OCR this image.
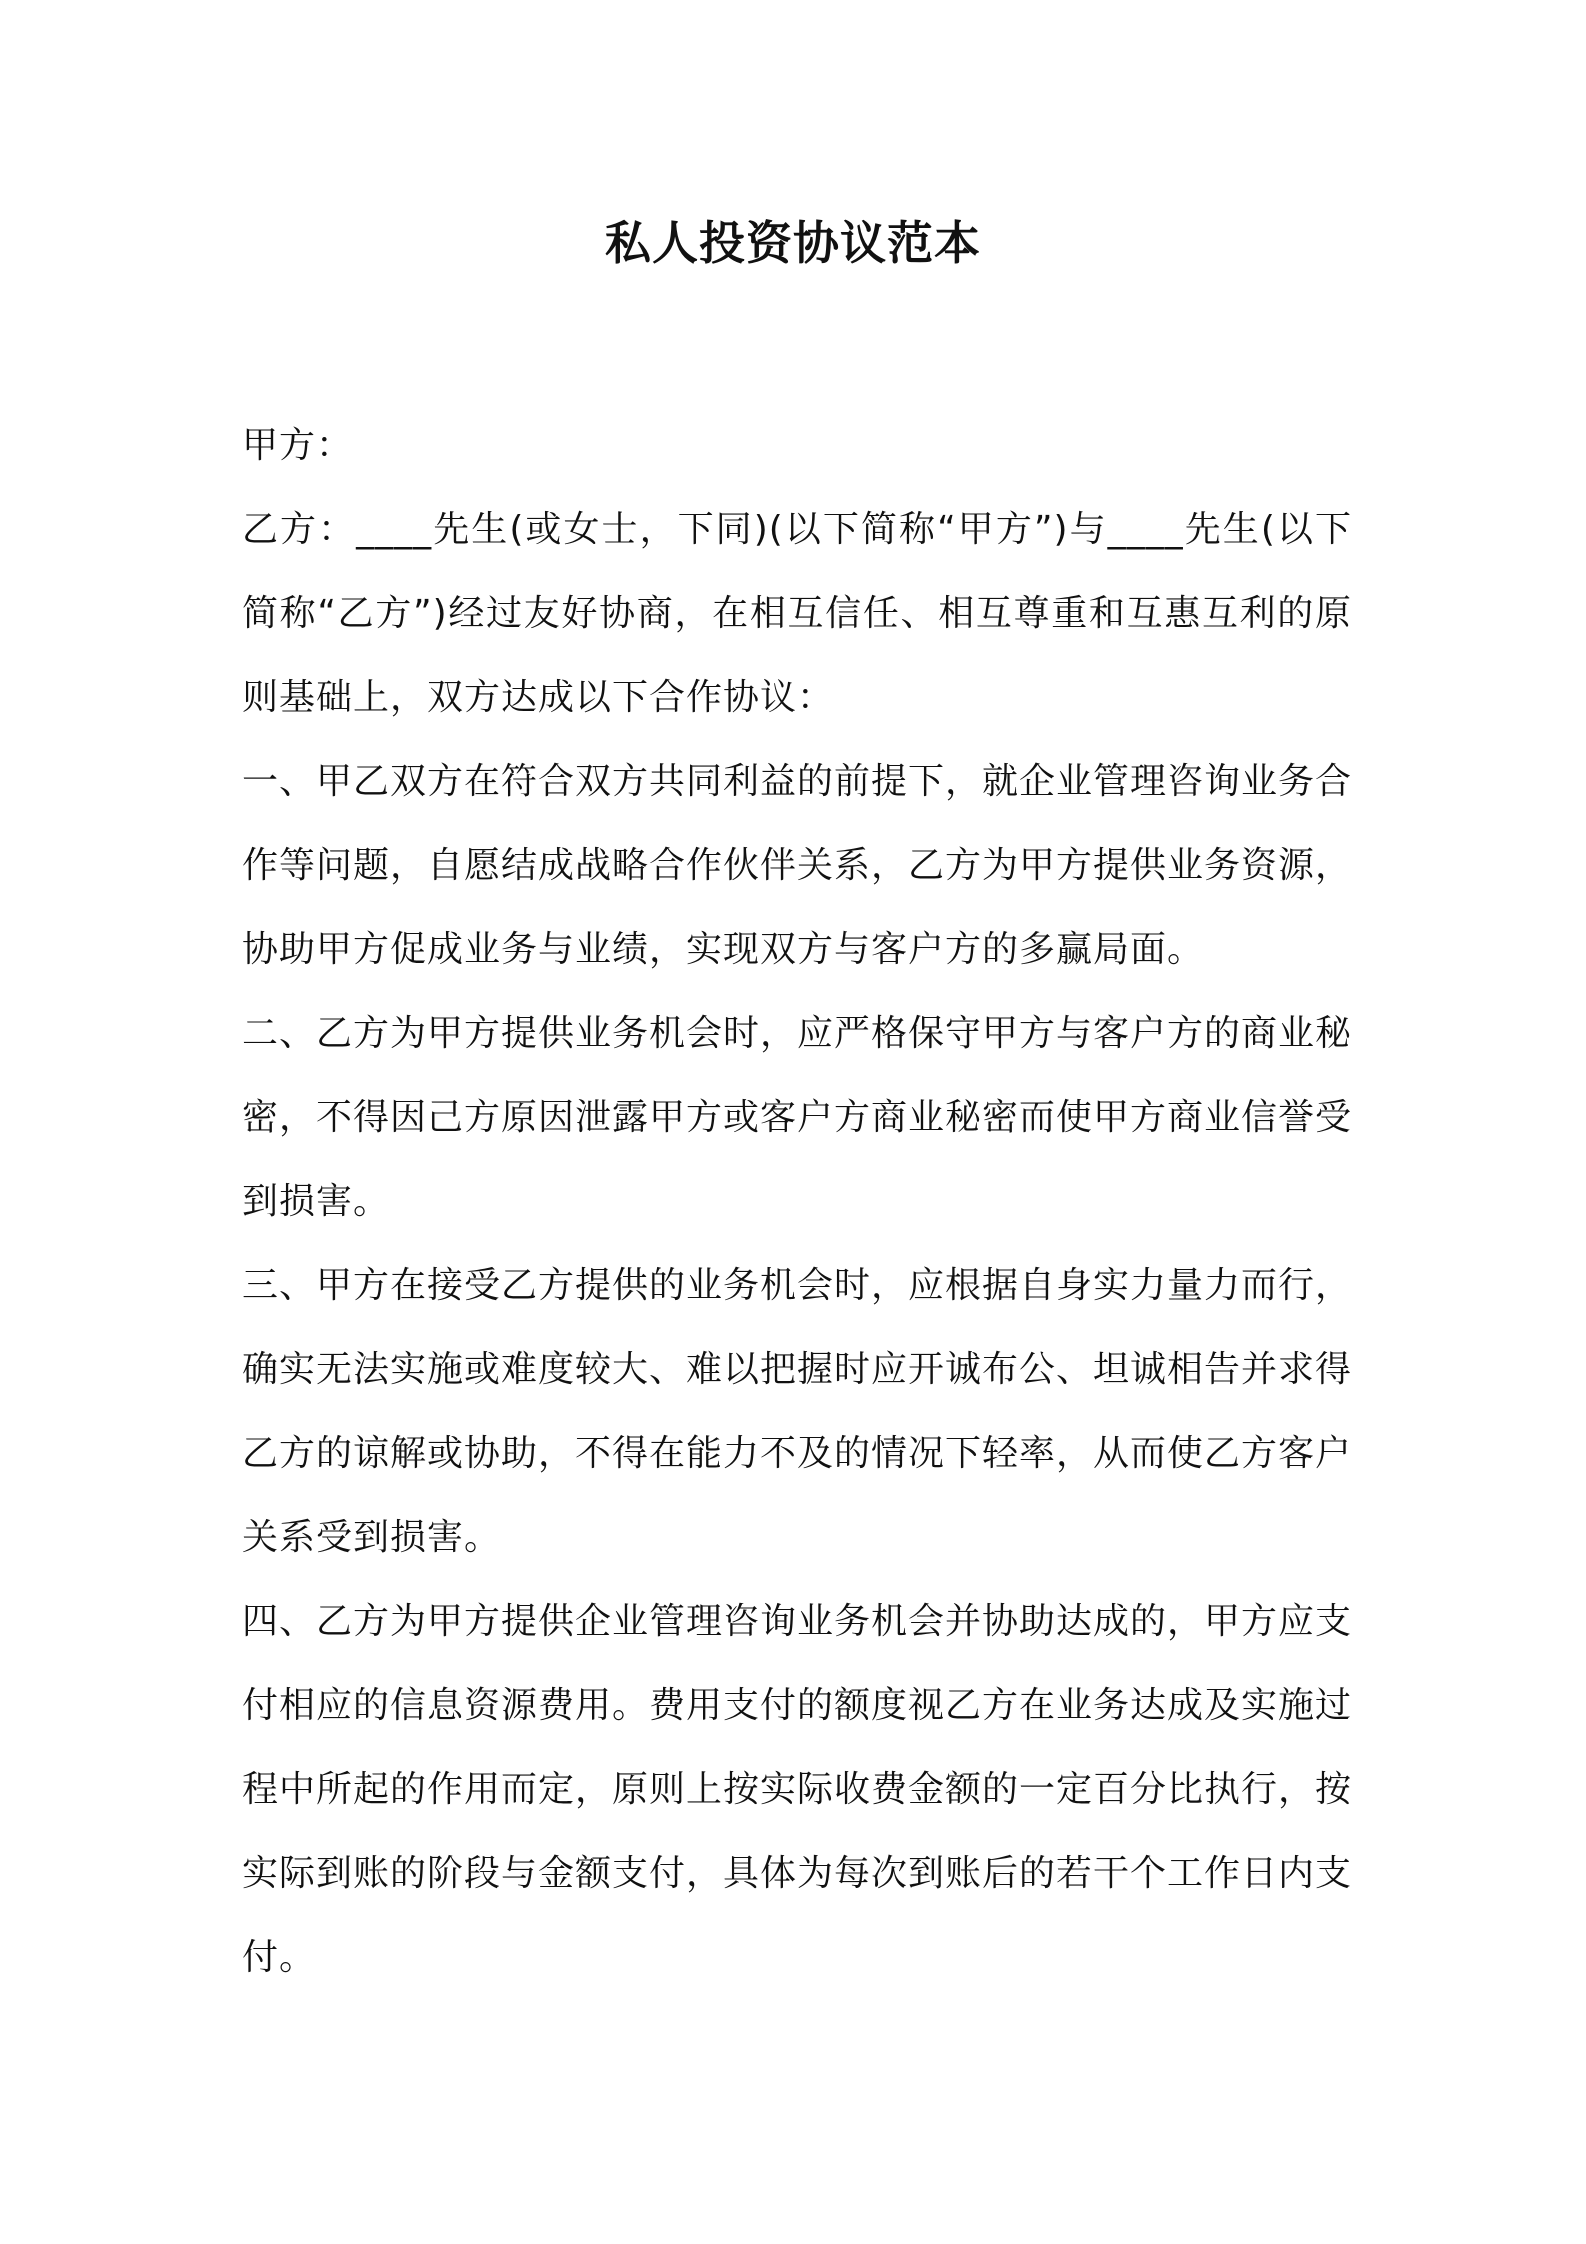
私人投资协议范本

甲方：

乙方：____先生(或女士，下同)(以下简称“甲方”)与____先生(以下简称“乙方”)经过友好协商，在相互信任、相互尊重和互惠互利的原则基础上，双方达成以下合作协议：

一、甲乙双方在符合双方共同利益的前提下，就企业管理咨询业务合作等问题，自愿结成战略合作伙伴关系，乙方为甲方提供业务资源，协助甲方促成业务与业绩，实现双方与客户方的多赢局面。

二、乙方为甲方提供业务机会时，应严格保守甲方与客户方的商业秘密，不得因己方原因泄露甲方或客户方商业秘密而使甲方商业信誉受到损害。

三、甲方在接受乙方提供的业务机会时，应根据自身实力量力而行，确实无法实施或难度较大、难以把握时应开诚布公、坦诚相告并求得乙方的谅解或协助，不得在能力不及的情况下轻率，从而使乙方客户关系受到损害。

四、乙方为甲方提供企业管理咨询业务机会并协助达成的，甲方应支付相应的信息资源费用。费用支付的额度视乙方在业务达成及实施过程中所起的作用而定，原则上按实际收费金额的一定百分比执行，按实际到账的阶段与金额支付，具体为每次到账后的若干个工作日内支付。
